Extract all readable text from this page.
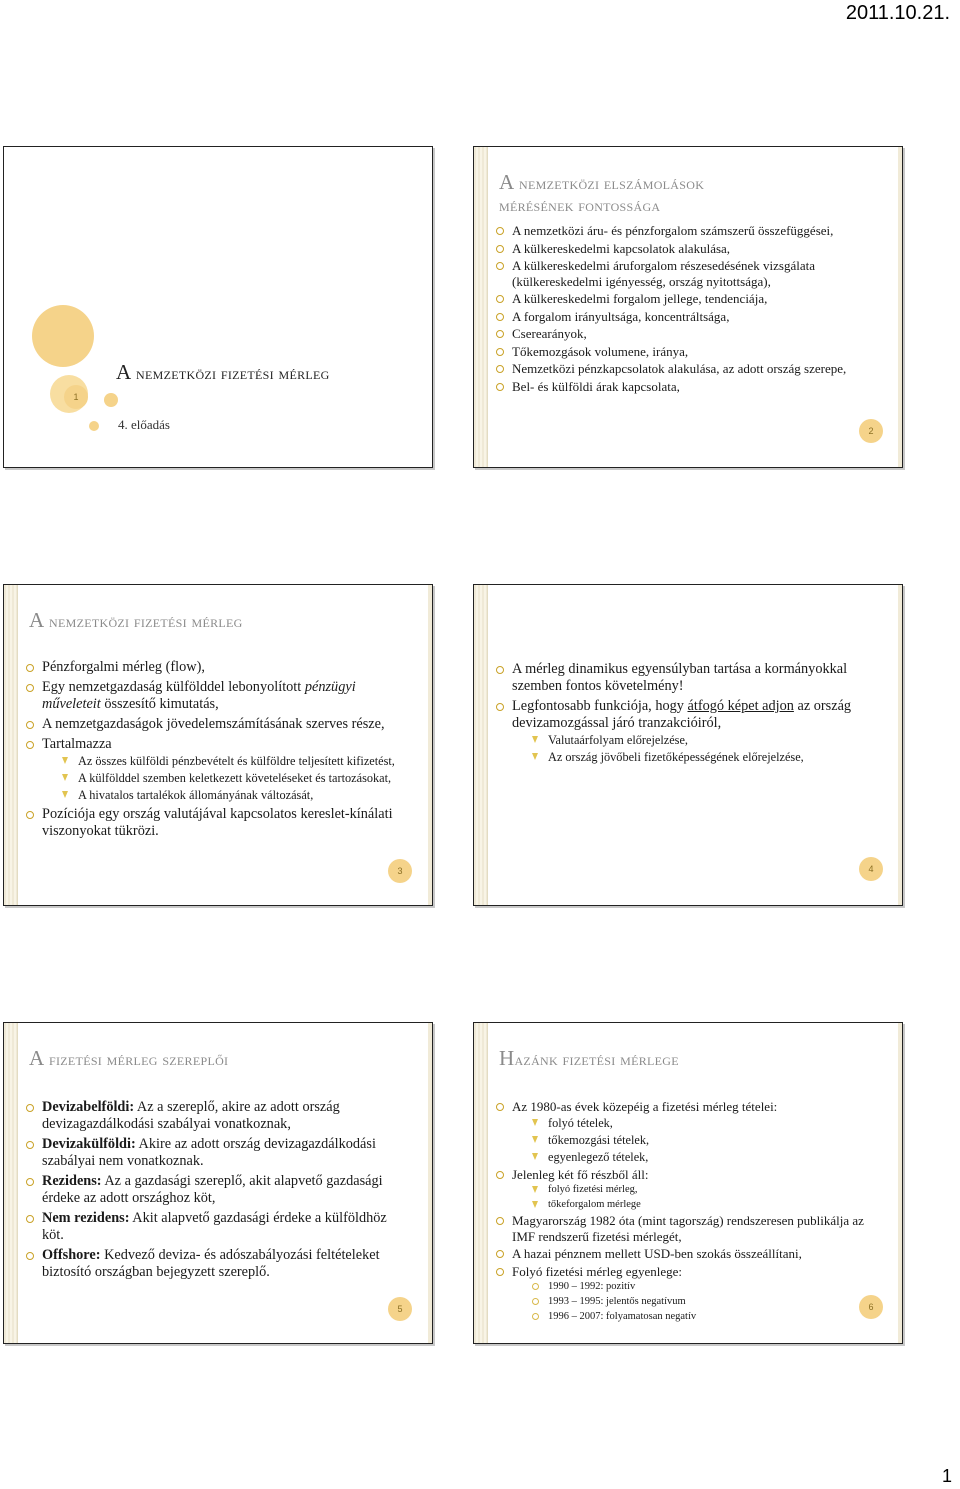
2011.10.21.
1
A nemzetközi fizetési mérleg
4. előadás
A nemzetközi elszámolások
mérésének fontossága
A nemzetközi áru- és pénzforgalom számszerű összefüggései,
A külkereskedelmi kapcsolatok alakulása,
A külkereskedelmi áruforgalom részesedésének vizsgálata (külkereskedelmi igényesség, ország nyitottsága),
A külkereskedelmi forgalom jellege, tendenciája,
A forgalom irányultsága, koncentráltsága,
Cserearányok,
Tőkemozgások volumene, iránya,
Nemzetközi pénzkapcsolatok alakulása, az adott ország szerepe,
Bel- és külföldi árak kapcsolata,
2
A nemzetközi fizetési mérleg
Pénzforgalmi mérleg (flow),
Egy nemzetgazdaság külfölddel lebonyolított pénzügyi műveleteit összesítő kimutatás,
A nemzetgazdaságok jövedelemszámításának szerves része,
Tartalmazza
Az összes külföldi pénzbevételt és külföldre teljesített kifizetést,
A külfölddel szemben keletkezett követeléseket és tartozásokat,
A hivatalos tartalékok állományának változását,
Pozíciója egy ország valutájával kapcsolatos kereslet-kínálati viszonyokat tükrözi.
3
A mérleg dinamikus egyensúlyban tartása a kormányokkal szemben fontos követelmény!
Legfontosabb funkciója, hogy átfogó képet adjon az ország devizamozgással járó tranzakcióiról,
Valutaárfolyam előrejelzése,
Az ország jövőbeli fizetőképességének előrejelzése,
4
A fizetési mérleg szereplői
Devizabelföldi: Az a szereplő, akire az adott ország devizagazdálkodási szabályai vonatkoznak,
Devizakülföldi: Akire az adott ország devizagazdálkodási szabályai nem vonatkoznak.
Rezidens: Az a gazdasági szereplő, akit alapvető gazdasági érdeke az adott országhoz köt,
Nem rezidens: Akit alapvető gazdasági érdeke a külföldhöz köt.
Offshore: Kedvező deviza- és adószabályozási feltételeket biztosító országban bejegyzett szereplő.
5
Hazánk fizetési mérlege
Az 1980-as évek közepéig a fizetési mérleg tételei:
folyó tételek,
tőkemozgási tételek,
egyenlegező tételek,
Jelenleg két fő részből áll:
folyó fizetési mérleg,
tőkeforgalom mérlege
Magyarország 1982 óta (mint tagország) rendszeresen publikálja az IMF rendszerű fizetési mérlegét,
A hazai pénznem mellett USD-ben szokás összeállítani,
Folyó fizetési mérleg egyenlege:
1990 – 1992: pozitív
1993 – 1995: jelentős negatívum
1996 – 2007: folyamatosan negatív
6
1
